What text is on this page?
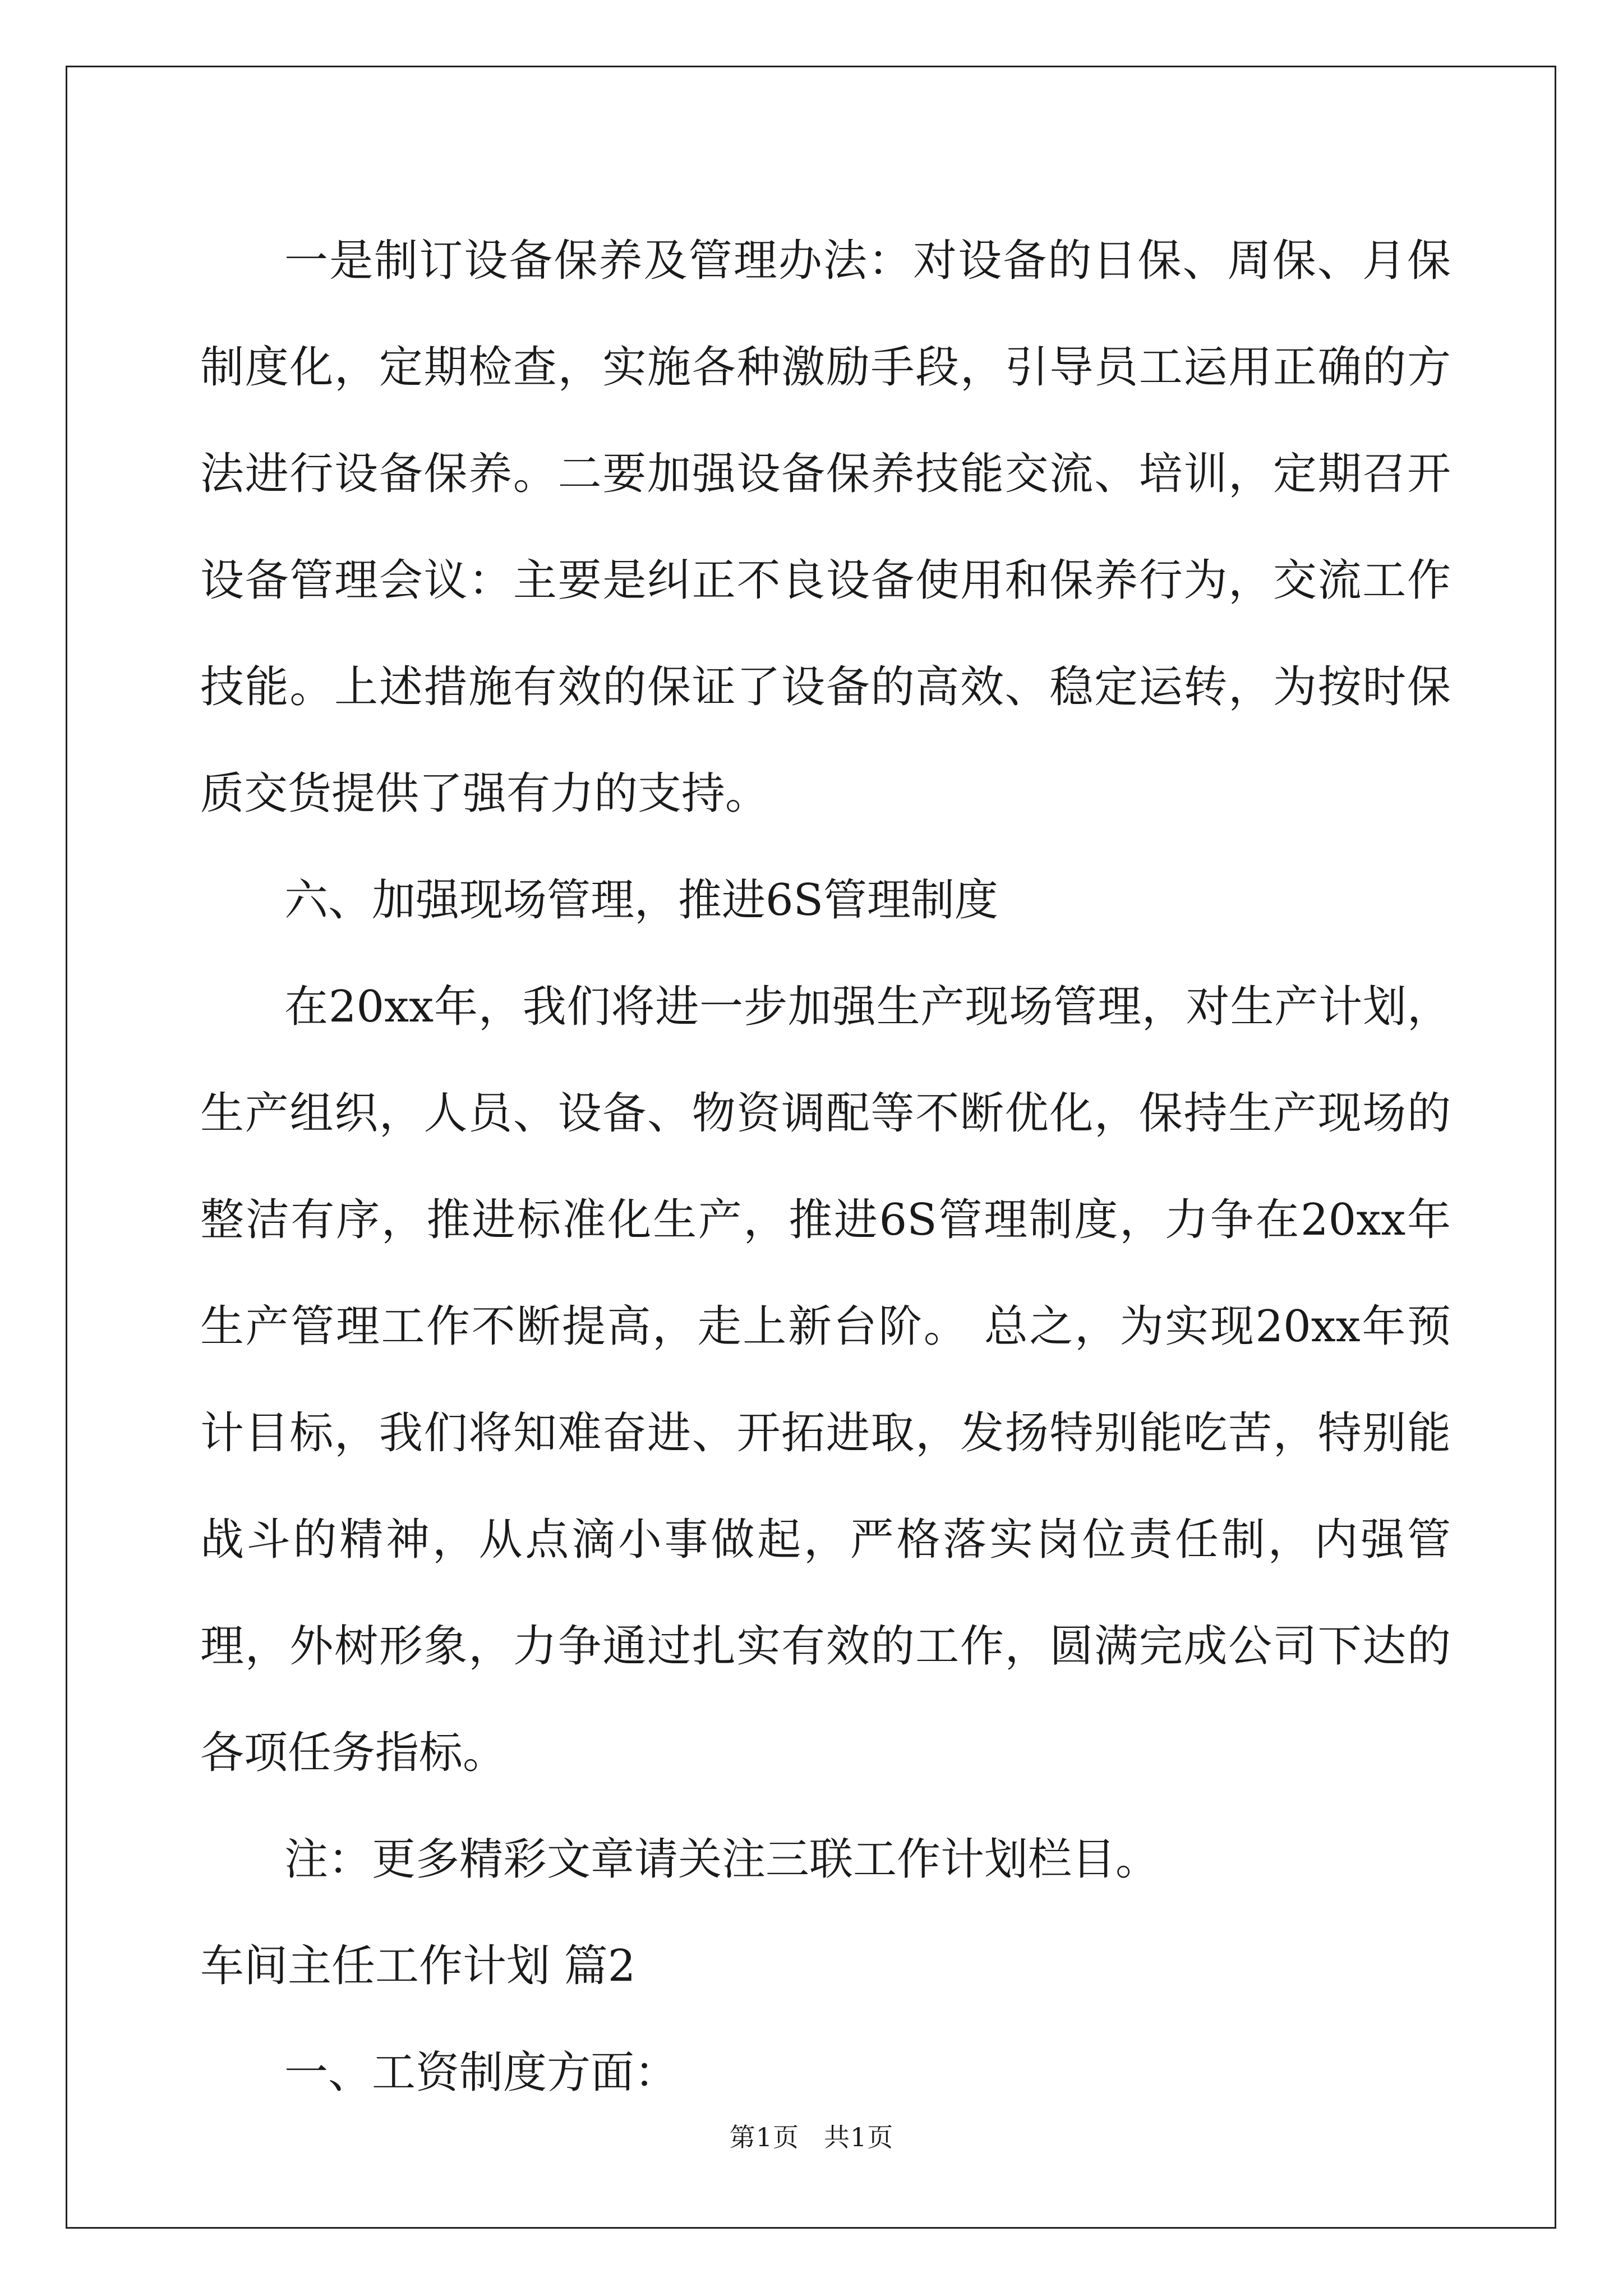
一是制订设备保养及管理办法：对设备的日保、周保、月保制度化，定期检查，实施各种激励手段，引导员工运用正确的方法进行设备保养。二要加强设备保养技能交流、培训，定期召开设备管理会议：主要是纠正不良设备使用和保养行为，交流工作技能。上述措施有效的保证了设备的高效、稳定运转，为按时保质交货提供了强有力的支持。

六、加强现场管理，推进6S管理制度

在20xx年，我们将进一步加强生产现场管理，对生产计划，生产组织，人员、设备、物资调配等不断优化，保持生产现场的整洁有序，推进标准化生产，推进6S管理制度，力争在20xx年生产管理工作不断提高，走上新台阶。 总之，为实现20xx年预计目标，我们将知难奋进、开拓进取，发扬特别能吃苦，特别能战斗的精神，从点滴小事做起，严格落实岗位责任制，内强管理，外树形象，力争通过扎实有效的工作，圆满完成公司下达的各项任务指标。

注：更多精彩文章请关注三联工作计划栏目。

车间主任工作计划 篇2

一、工资制度方面：

第1页 共1页
